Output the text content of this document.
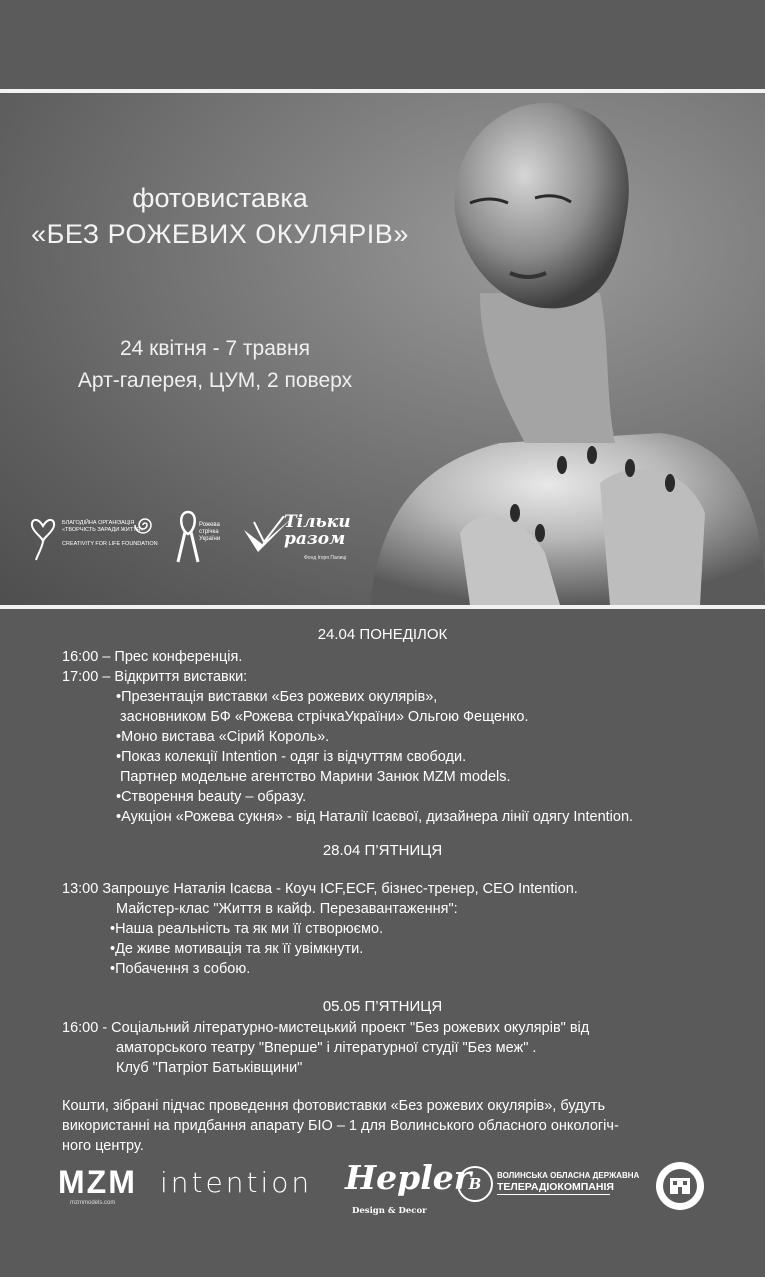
фотовиставка
«БЕЗ РОЖЕВИХ ОКУЛЯРІВ»
24 квітня - 7 травня
Арт-галерея, ЦУМ, 2 поверх
БЛАГОДІЙНА ОРГАНІЗАЦІЯ
«ТВОРЧІСТЬ ЗАРАДИ ЖИТТЯ»
CREATIVITY FOR LIFE FOUNDATION
Рожева
стрічка
України
Тільки
разом
Фонд Ігоря Палиці
24.04 ПОНЕДІЛОК
16:00 – Прес конференція.
17:00 – Відкриття виставки:
•Презентація виставки «Без рожевих окулярів»,
засновником БФ «Рожева стрічкаУкраїни» Ольгою Фещенко.
•Моно вистава «Сірий Король».
•Показ колекції Intention - одяг із відчуттям свободи.
Партнер модельне агентство Марини Занюк MZM models.
•Створення beauty – образу.
•Аукціон «Рожева сукня» - від Наталії Ісаєвої, дизайнера лінії одягу Intention.
28.04 П’ЯТНИЦЯ
13:00 Запрошує Наталія Ісаєва - Коуч ICF,ECF, бізнес-тренер, CEO Intention.
Майстер-клас "Життя в кайф. Перезавантаження":
•Наша реальність та як ми її створюємо.
•Де живе мотивація та як її увімкнути.
•Побачення з собою.
05.05 П’ЯТНИЦЯ
16:00 - Соціальний літературно-мистецький проект "Без рожевих окулярів" від
аматорського театру "Вперше" і літературної студії "Без меж" .
Клуб "Патріот Батьківщини"
Кошти, зібрані підчас проведення фотовиставки «Без рожевих окулярів», будуть
використанні на придбання апарату БІО – 1 для Волинського обласного онкологіч-
ного центру.
MZM
mzmmodels.com
intention Hepler
Design & Decor
В	ВОЛИНСЬКА ОБЛАСНА ДЕРЖАВНА
ТЕЛЕРАДІОКОМПАНІЯ
